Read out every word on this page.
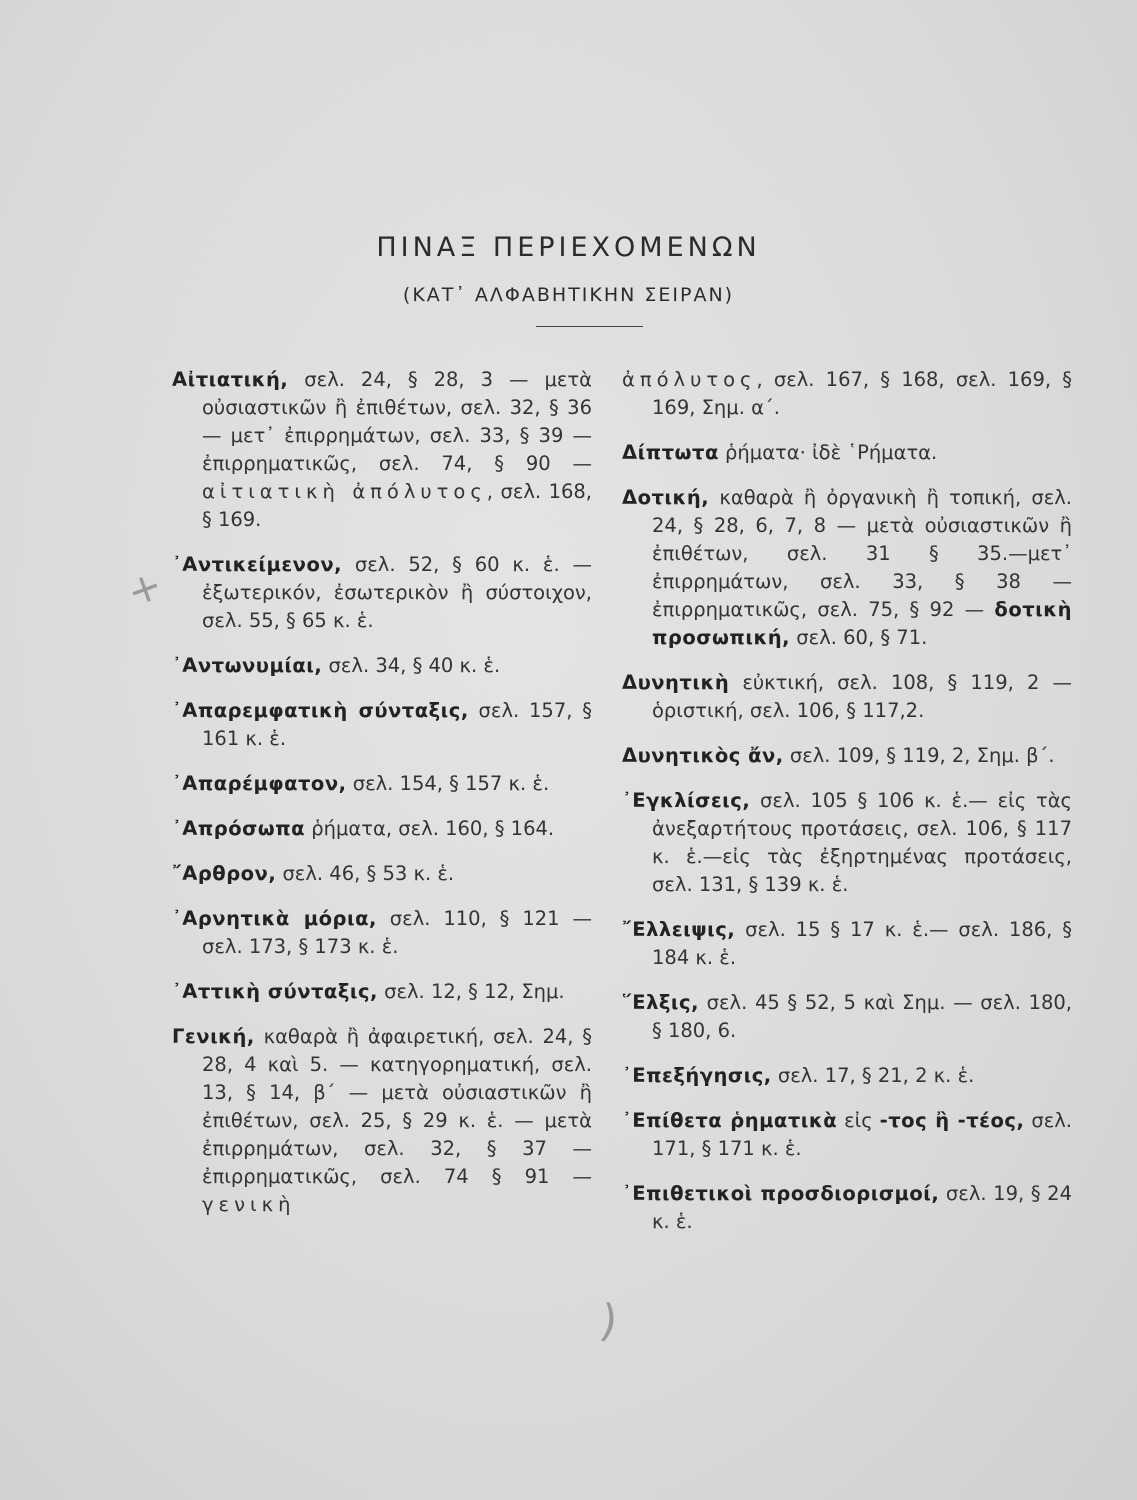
ΠΙΝΑΞ ΠΕΡΙΕΧΟΜΕΝΩΝ
(ΚΑΤ᾽ ΑΛΦΑΒΗΤΙΚΗΝ ΣΕΙΡΑΝ)
+
)

Αἰτιατική, σελ. 24, § 28, 3 — μετὰ οὐσιαστικῶν ἢ ἐπιθέτων, σελ. 32, § 36 — μετ᾽ ἐπιρρημάτων, σελ. 33, § 39 — ἐπιρρηματικῶς, σελ. 74, § 90 — αἰτιατικὴ ἀπόλυτος, σελ. 168, § 169.

᾿Αντικείμενον, σελ. 52, § 60 κ. ἑ. —ἐξωτερικόν, ἐσωτερικὸν ἢ σύστοιχον, σελ. 55, § 65 κ. ἑ.

᾿Αντωνυμίαι, σελ. 34, § 40 κ. ἑ.

᾿Απαρεμφατικὴ σύνταξις, σελ. 157, § 161 κ. ἑ.

᾿Απαρέμφατον, σελ. 154, § 157 κ. ἑ.

᾿Απρόσωπα ῥήματα, σελ. 160, § 164.

῎Αρθρον, σελ. 46, § 53 κ. ἑ.

᾿Αρνητικὰ μόρια, σελ. 110, § 121 — σελ. 173, § 173 κ. ἑ.

᾿Αττικὴ σύνταξις, σελ. 12, § 12, Σημ.

Γενική, καθαρὰ ἢ ἀφαιρετική, σελ. 24, § 28, 4 καὶ 5. — κατηγορηματική, σελ. 13, § 14, β΄ — μετὰ οὐσιαστικῶν ἢ ἐπιθέτων, σελ. 25, § 29 κ. ἑ. — μετὰ ἐπιρρημάτων, σελ. 32, § 37 — ἐπιρρηματικῶς, σελ. 74 § 91 — γενικὴ

ἀπόλυτος, σελ. 167, § 168, σελ. 169, § 169, Σημ. α΄.

Δίπτωτα ῥήματα· ἰδὲ ῾Ρήματα.

Δοτική, καθαρὰ ἢ ὀργανικὴ ἢ τοπική, σελ. 24, § 28, 6, 7, 8 — μετὰ οὐσιαστικῶν ἢ ἐπιθέτων, σελ. 31 § 35.—μετ᾽ ἐπιρρημάτων, σελ. 33, § 38 — ἐπιρρηματικῶς, σελ. 75, § 92 — δοτικὴ προσωπική, σελ. 60, § 71.

Δυνητικὴ εὐκτική, σελ. 108, § 119, 2 — ὁριστική, σελ. 106, § 117,2.

Δυνητικὸς ἄν, σελ. 109, § 119, 2, Σημ. β΄.

᾿Εγκλίσεις, σελ. 105 § 106 κ. ἑ.— εἰς τὰς ἀνεξαρτήτους προτάσεις, σελ. 106, § 117 κ. ἑ.—εἰς τὰς ἐξηρτημένας προτάσεις, σελ. 131, § 139 κ. ἑ.

῎Ελλειψις, σελ. 15 § 17 κ. ἑ.— σελ. 186, § 184 κ. ἑ.

῞Ελξις, σελ. 45 § 52, 5 καὶ Σημ. — σελ. 180, § 180, 6.

᾿Επεξήγησις, σελ. 17, § 21, 2 κ. ἑ.

᾿Επίθετα ῥηματικὰ εἰς -τος ἢ -τέος, σελ. 171, § 171 κ. ἑ.

᾿Επιθετικοὶ προσδιορισμοί, σελ. 19, § 24 κ. ἑ.
